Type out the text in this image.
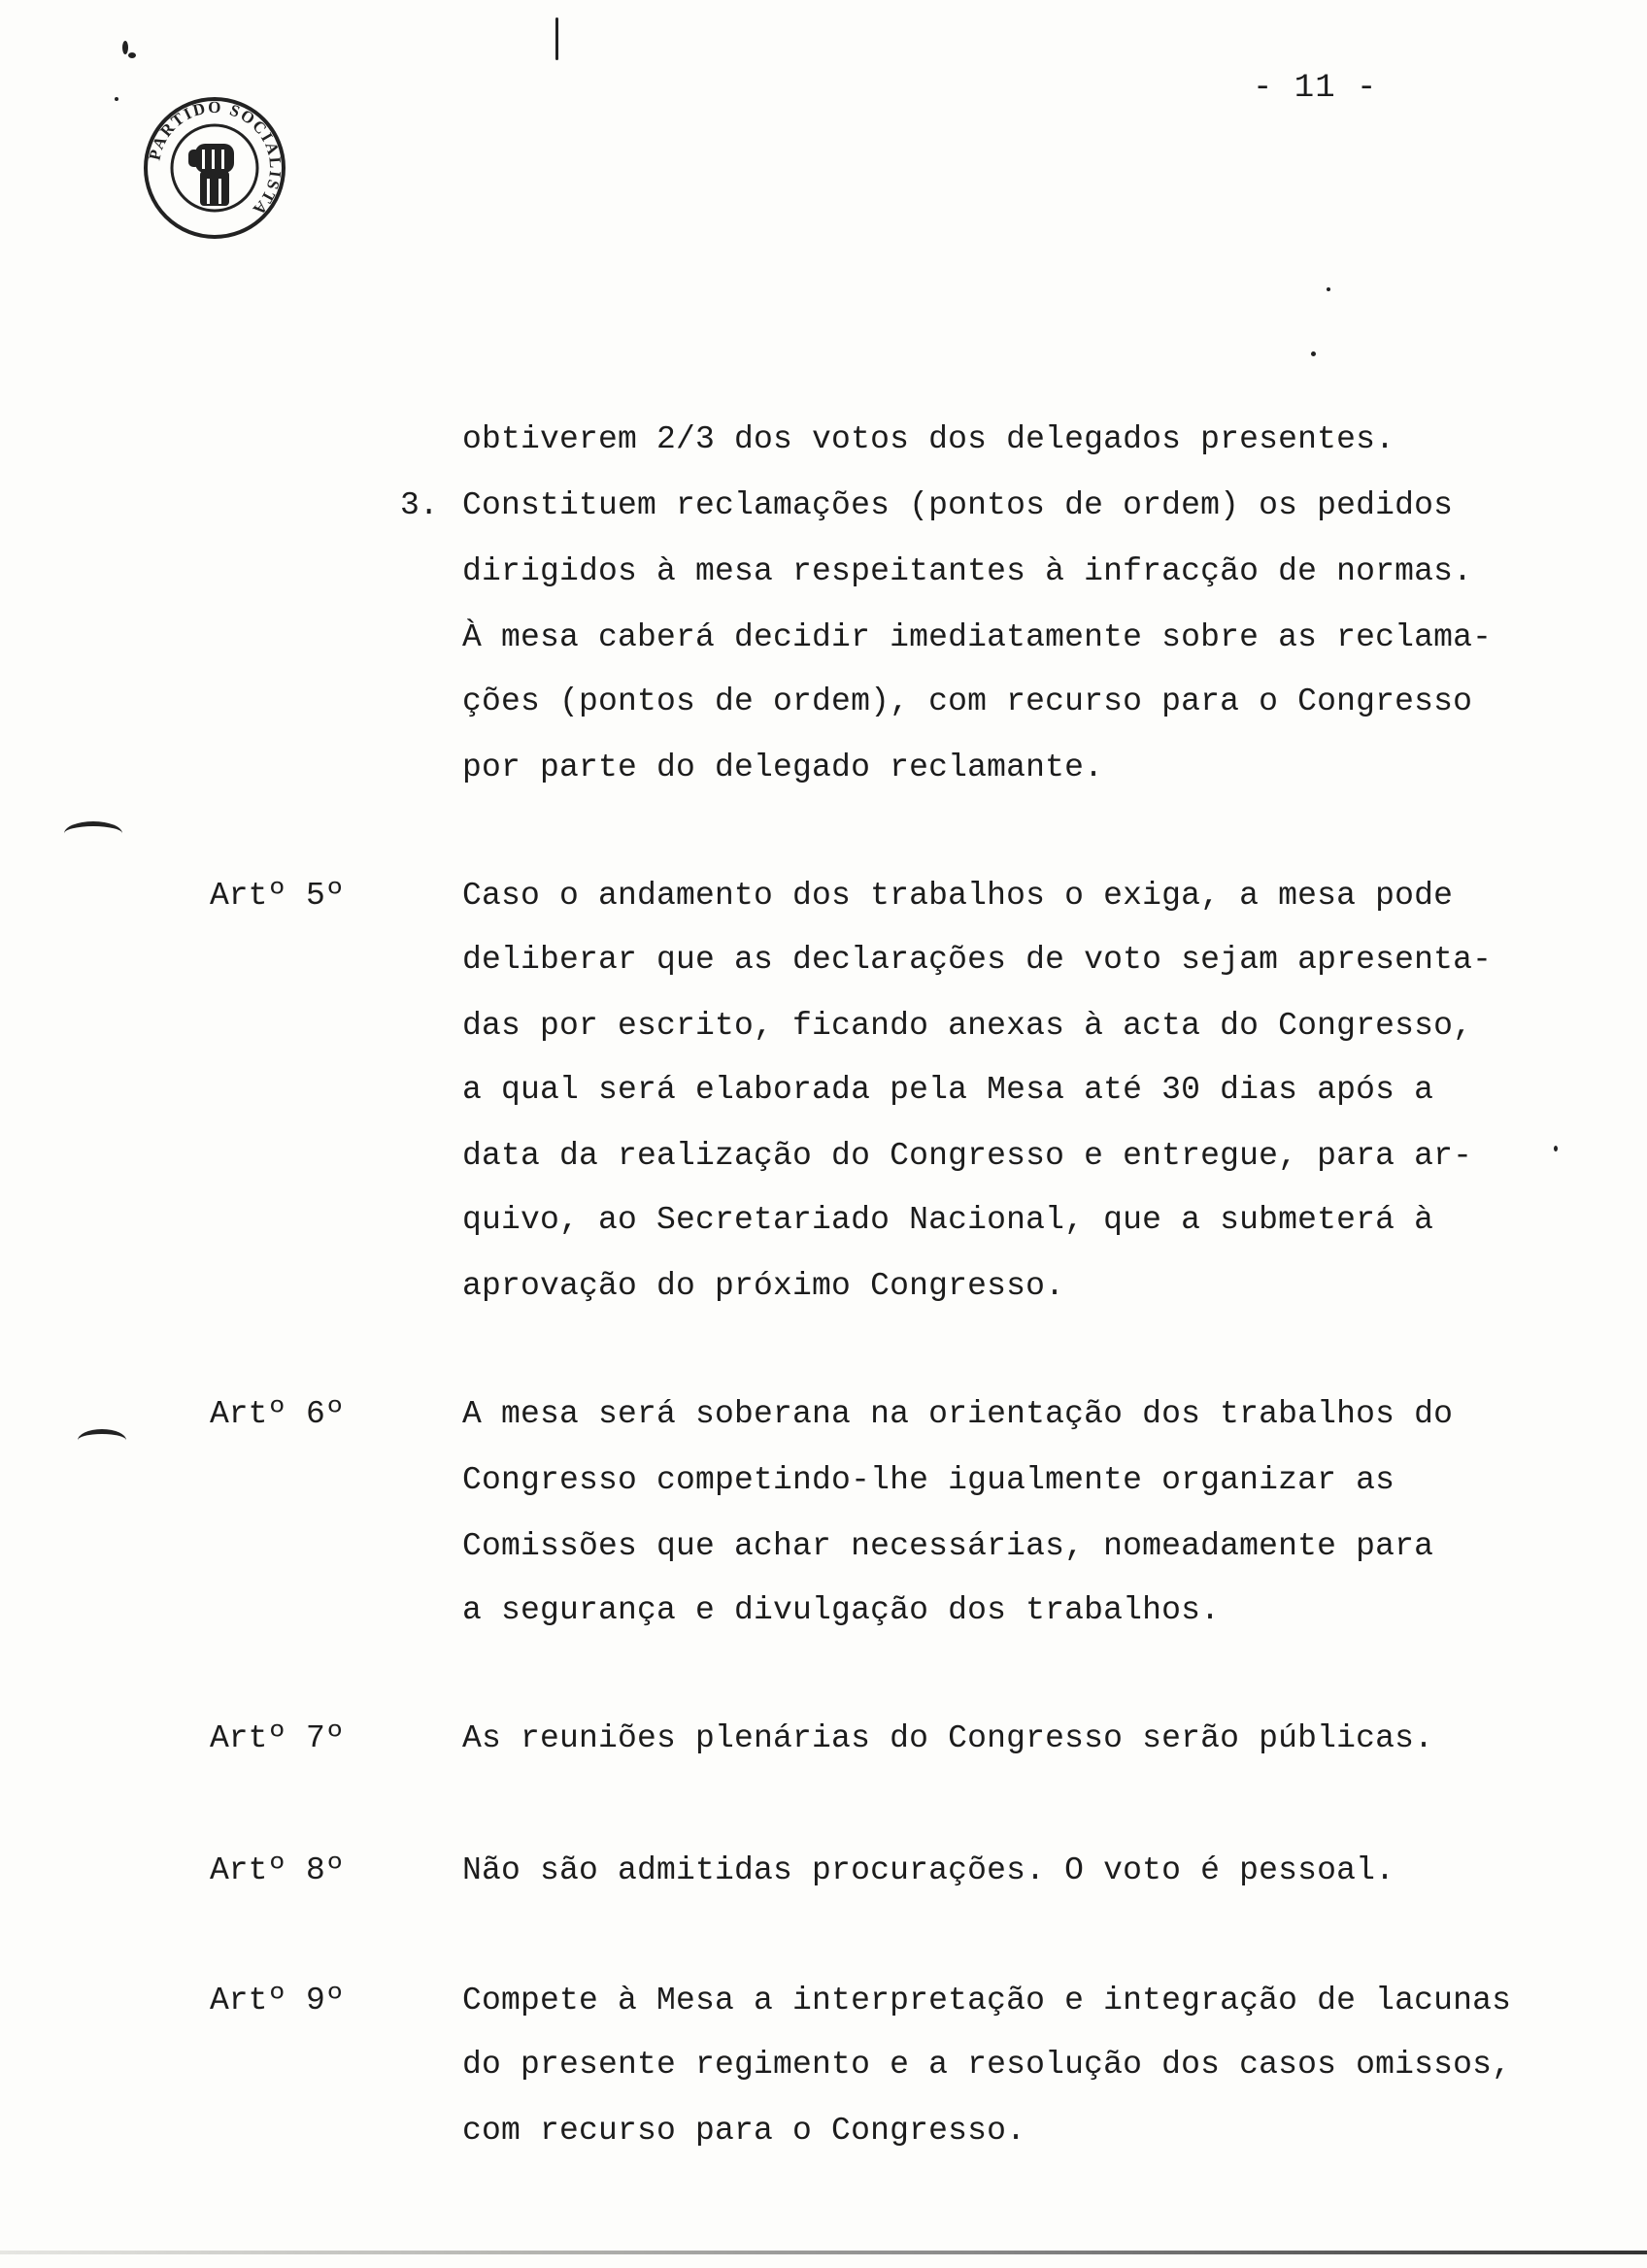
- 11 -
PARTIDO SOCIALISTA
obtiverem 2/3 dos votos dos delegados presentes.
3. Constituem reclamações (pontos de ordem) os pedidos
dirigidos à mesa respeitantes à infracção de normas.
À mesa caberá decidir imediatamente sobre as reclama-
ções (pontos de ordem), com recurso para o Congresso
por parte do delegado reclamante.
Artº 5º	Caso o andamento dos trabalhos o exiga, a mesa pode
deliberar que as declarações de voto sejam apresenta-
das por escrito, ficando anexas à acta do Congresso,
a qual será elaborada pela Mesa até 30 dias após a
data da realização do Congresso e entregue, para ar-
quivo, ao Secretariado Nacional, que a submeterá à
aprovação do próximo Congresso.
Artº 6º	A mesa será soberana na orientação dos trabalhos do
Congresso competindo-lhe igualmente organizar as
Comissões que achar necessárias, nomeadamente para
a segurança e divulgação dos trabalhos.
Artº 7º	As reuniões plenárias do Congresso serão públicas.
Artº 8º	Não são admitidas procurações. O voto é pessoal.
Artº 9º	Compete à Mesa a interpretação e integração de lacunas
do presente regimento e a resolução dos casos omissos,
com recurso para o Congresso.
